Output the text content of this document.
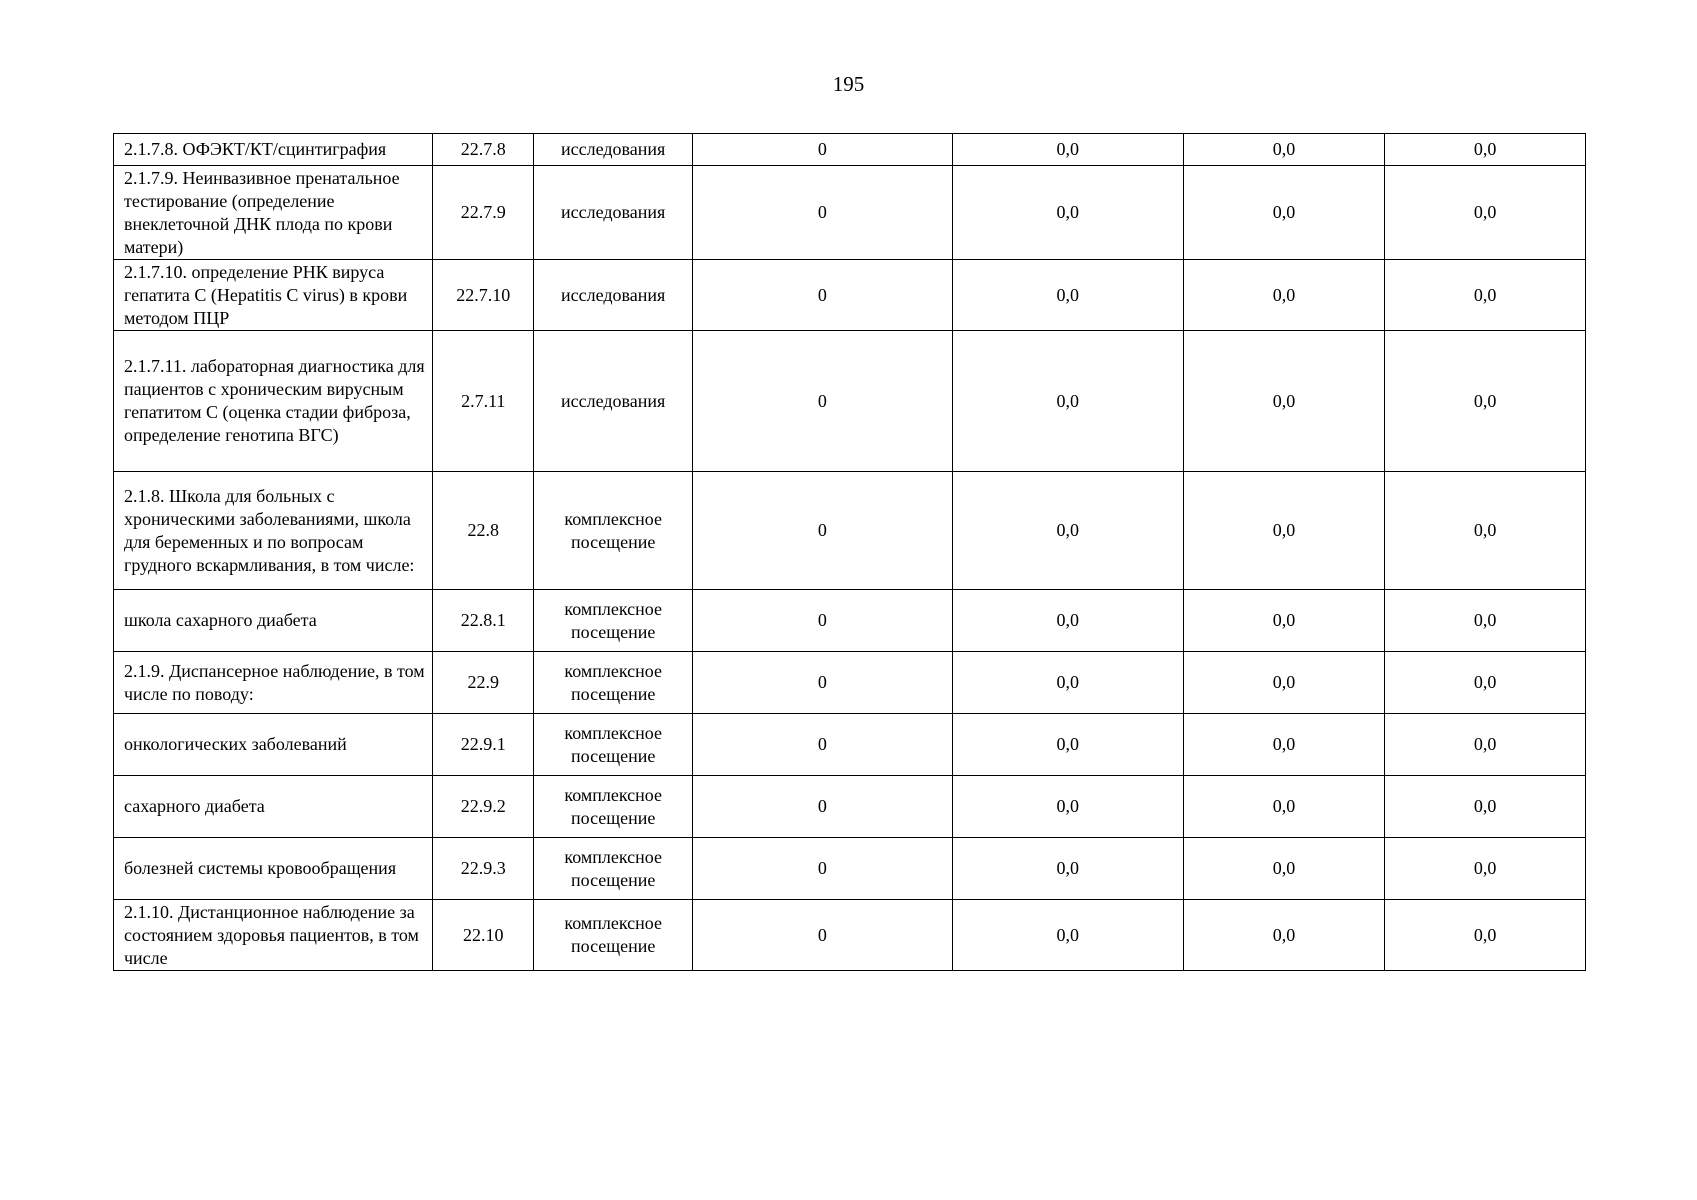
195
2.1.7.8. ОФЭКТ/КТ/сцинтиграфия	22.7.8	исследования	0	0,0	0,0	0,0
2.1.7.9. Неинвазивное пренатальное тестирование (определение внеклеточной ДНК плода по крови матери)	22.7.9	исследования	0	0,0	0,0	0,0
2.1.7.10. определение РНК вируса гепатита C (Hepatitis C virus) в крови методом ПЦР	22.7.10	исследования	0	0,0	0,0	0,0
2.1.7.11. лабораторная диагностика для пациентов с хроническим вирусным гепатитом C (оценка стадии фиброза, определение генотипа ВГС)	2.7.11	исследования	0	0,0	0,0	0,0
2.1.8. Школа для больных с хроническими заболеваниями, школа для беременных и по вопросам грудного вскармливания, в том числе:	22.8	комплексное посещение	0	0,0	0,0	0,0
школа сахарного диабета	22.8.1	комплексное посещение	0	0,0	0,0	0,0
2.1.9. Диспансерное наблюдение, в том числе по поводу:	22.9	комплексное посещение	0	0,0	0,0	0,0
онкологических заболеваний	22.9.1	комплексное посещение	0	0,0	0,0	0,0
сахарного диабета	22.9.2	комплексное посещение	0	0,0	0,0	0,0
болезней системы кровообращения	22.9.3	комплексное посещение	0	0,0	0,0	0,0
2.1.10. Дистанционное наблюдение за состоянием здоровья пациентов, в том числе	22.10	комплексное посещение	0	0,0	0,0	0,0
